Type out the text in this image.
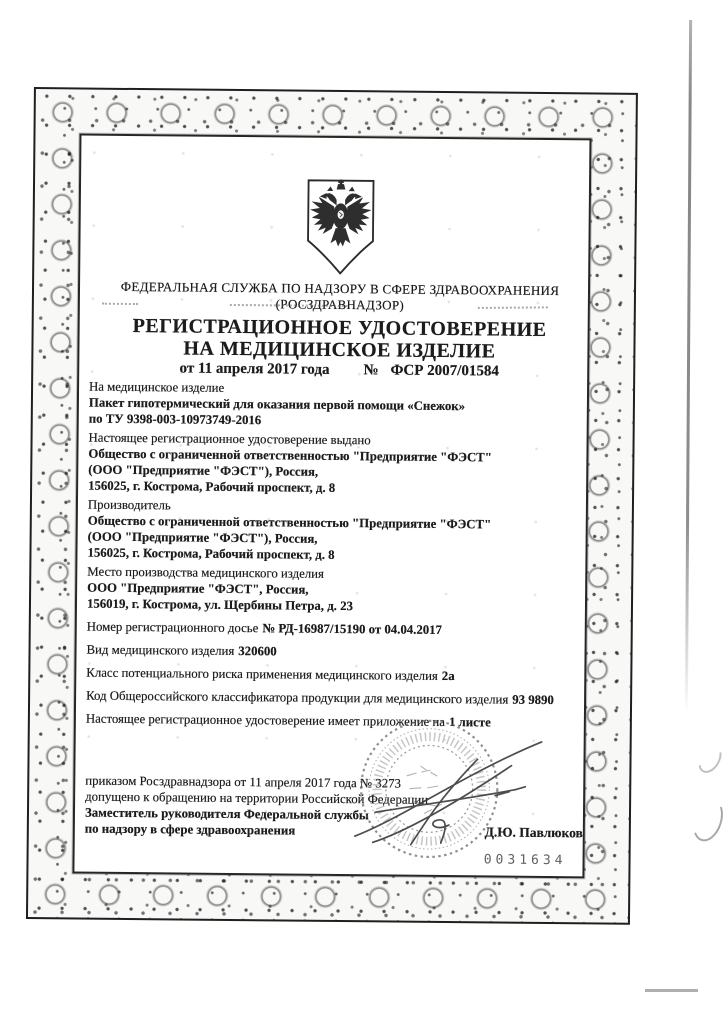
ФЕДЕРАЛЬНАЯ СЛУЖБА ПО НАДЗОРУ В СФЕРЕ ЗДРАВООХРАНЕНИЯ
(РОСЗДРАВНАДЗОР)
РЕГИСТРАЦИОННОЕ УДОСТОВЕРЕНИЕ
НА МЕДИЦИНСКОЕ ИЗДЕЛИЕ
от 11 апреля 2017 года № ФСР 2007/01584
На медицинское изделие
Пакет гипотермический для оказания первой помощи «Снежок»
по ТУ 9398-003-10973749-2016
Настоящее регистрационное удостоверение выдано
Общество с ограниченной ответственностью "Предприятие "ФЭСТ"
(ООО "Предприятие "ФЭСТ"), Россия,
156025, г. Кострома, Рабочий проспект, д. 8
Производитель
Общество с ограниченной ответственностью "Предприятие "ФЭСТ"
(ООО "Предприятие "ФЭСТ"), Россия,
156025, г. Кострома, Рабочий проспект, д. 8
Место производства медицинского изделия
ООО "Предприятие "ФЭСТ", Россия,
156019, г. Кострома, ул. Щербины Петра, д. 23
Номер регистрационного досье № РД-16987/15190 от 04.04.2017
Вид медицинского изделия 320600
Класс потенциального риска применения медицинского изделия 2а
Код Общероссийского классификатора продукции для медицинского изделия 93 9890
Настоящее регистрационное удостоверение имеет приложение на 1 листе
приказом Росздравнадзора от 11 апреля 2017 года № 3273
допущено к обращению на территории Российской Федерации
Заместитель руководителя Федеральной службы
по надзору в сфере здравоохранения	Д.Ю. Павлюков
0031634
